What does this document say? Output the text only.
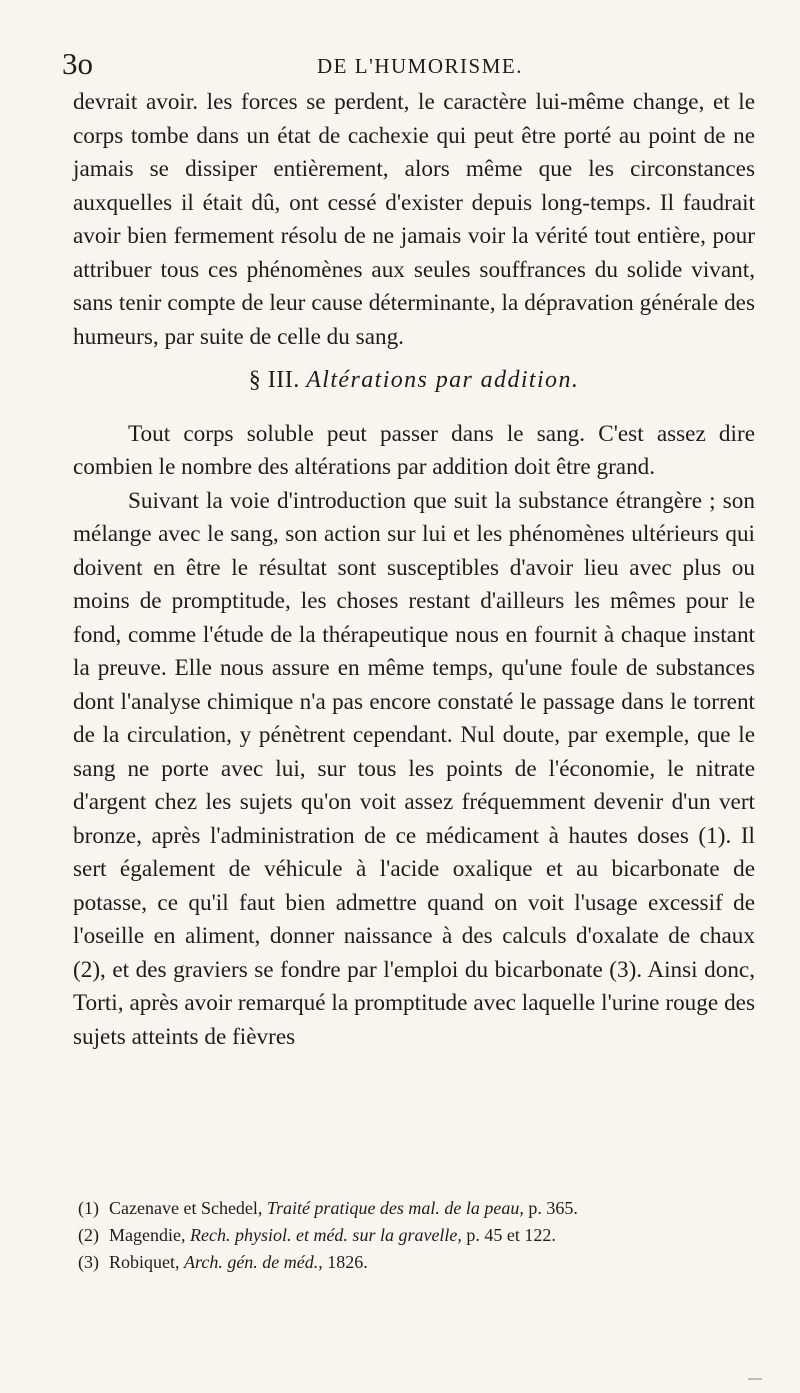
3o	DE L'HUMORISME.

devrait avoir. les forces se perdent, le caractère lui-même change, et le corps tombe dans un état de cachexie qui peut être porté au point de ne jamais se dissiper entièrement, alors même que les circonstances auxquelles il était dû, ont cessé d'exister depuis long-temps. Il faudrait avoir bien fermement résolu de ne jamais voir la vérité tout entière, pour attribuer tous ces phénomènes aux seules souffrances du solide vivant, sans tenir compte de leur cause déterminante, la dépravation générale des humeurs, par suite de celle du sang.

§ III. Altérations par addition.

Tout corps soluble peut passer dans le sang. C'est assez dire combien le nombre des altérations par addition doit être grand.

Suivant la voie d'introduction que suit la substance étrangère ; son mélange avec le sang, son action sur lui et les phénomènes ultérieurs qui doivent en être le résultat sont susceptibles d'avoir lieu avec plus ou moins de promptitude, les choses restant d'ailleurs les mêmes pour le fond, comme l'étude de la thérapeutique nous en fournit à chaque instant la preuve. Elle nous assure en même temps, qu'une foule de substances dont l'analyse chimique n'a pas encore constaté le passage dans le torrent de la circulation, y pénètrent cependant. Nul doute, par exemple, que le sang ne porte avec lui, sur tous les points de l'économie, le nitrate d'argent chez les sujets qu'on voit assez fréquemment devenir d'un vert bronze, après l'administration de ce médicament à hautes doses (1). Il sert également de véhicule à l'acide oxalique et au bicarbonate de potasse, ce qu'il faut bien admettre quand on voit l'usage excessif de l'oseille en aliment, donner naissance à des calculs d'oxalate de chaux (2), et des graviers se fondre par l'emploi du bicarbonate (3). Ainsi donc, Torti, après avoir remarqué la promptitude avec laquelle l'urine rouge des sujets atteints de fièvres

(1) Cazenave et Schedel, Traité pratique des mal. de la peau, p. 365.

(2) Magendie, Rech. physiol. et méd. sur la gravelle, p. 45 et 122.

(3) Robiquet, Arch. gén. de méd., 1826.
